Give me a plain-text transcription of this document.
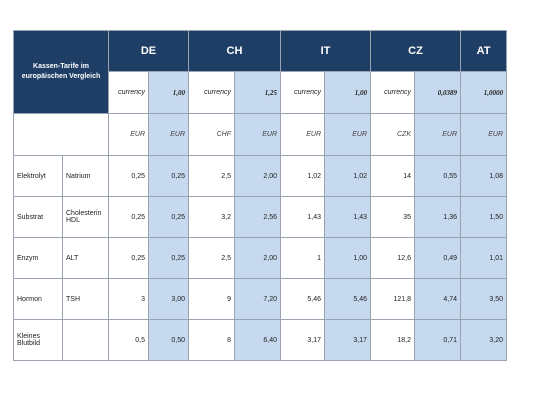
Kassen-Tarife im europäischen Vergleich		DE		CH		IT		CZ		AT
		currency	1,00	currency	1,25	currency	1,00	currency	0,0389	1,0000
		EUR	EUR	CHF	EUR	EUR	EUR	CZK	EUR	EUR
Elektrolyt	Natrium	0,25	0,25	2,5	2,00	1,02	1,02	14	0,55	1,08
Substrat	Cholesterin HDL	0,25	0,25	3,2	2,56	1,43	1,43	35	1,36	1,50
Enzym	ALT	0,25	0,25	2,5	2,00	1	1,00	12,6	0,49	1,01
Hormon	TSH	3	3,00	9	7,20	5,46	5,46	121,8	4,74	3,50
Kleines Blutbild		0,5	0,50	8	6,40	3,17	3,17	18,2	0,71	3,20
